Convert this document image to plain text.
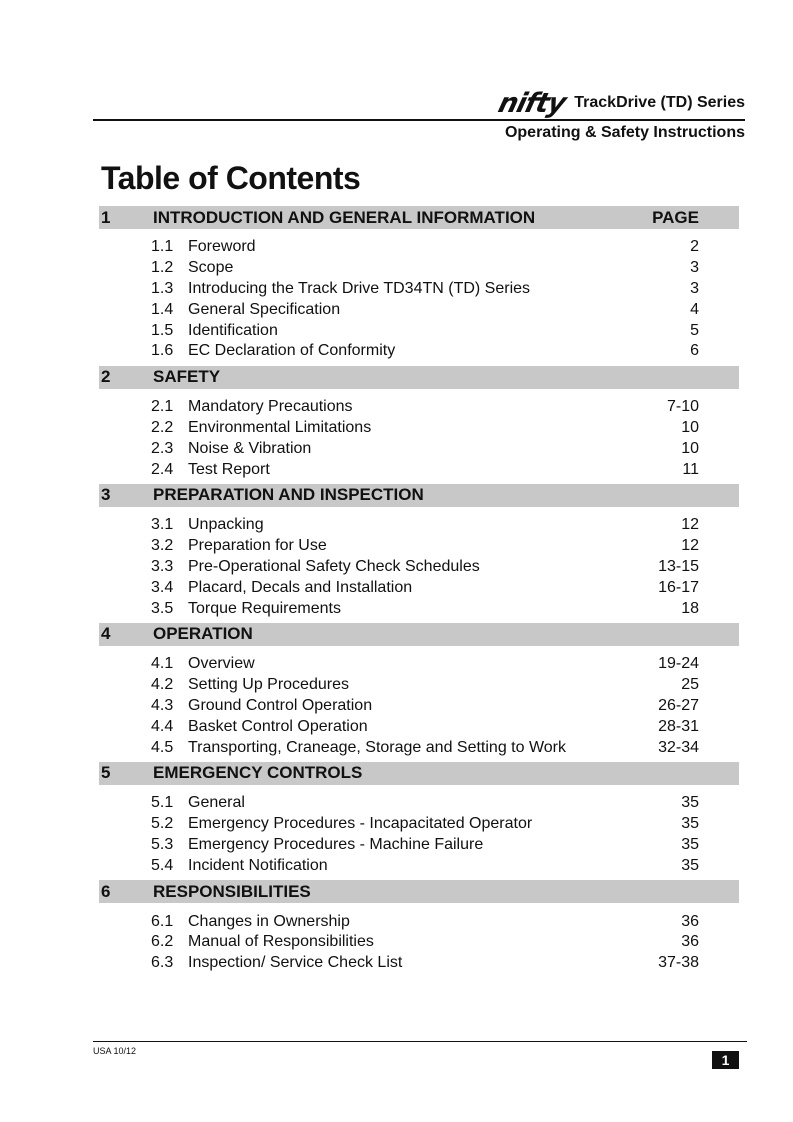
nifty TrackDrive (TD) Series
Operating & Safety Instructions
Table of Contents
1	INTRODUCTION AND GENERAL INFORMATION	PAGE
1.1 Foreword	2
1.2 Scope	3
1.3 Introducing the Track Drive TD34TN (TD) Series	3
1.4 General Specification	4
1.5 Identification	5
1.6 EC Declaration of Conformity	6
2	SAFETY
2.1 Mandatory Precautions	7-10
2.2 Environmental Limitations	10
2.3 Noise & Vibration	10
2.4 Test Report	11
3	PREPARATION AND INSPECTION
3.1 Unpacking	12
3.2 Preparation for Use	12
3.3 Pre-Operational Safety Check Schedules	13-15
3.4 Placard, Decals and Installation	16-17
3.5 Torque Requirements	18
4	OPERATION
4.1 Overview	19-24
4.2 Setting Up Procedures	25
4.3 Ground Control Operation	26-27
4.4 Basket Control Operation	28-31
4.5 Transporting, Craneage, Storage and Setting to Work	32-34
5	EMERGENCY CONTROLS
5.1 General	35
5.2 Emergency Procedures - Incapacitated Operator	35
5.3 Emergency Procedures - Machine Failure	35
5.4 Incident Notification	35
6	RESPONSIBILITIES
6.1 Changes in Ownership	36
6.2 Manual of Responsibilities	36
6.3 Inspection/ Service Check List	37-38
USA 10/12
1
